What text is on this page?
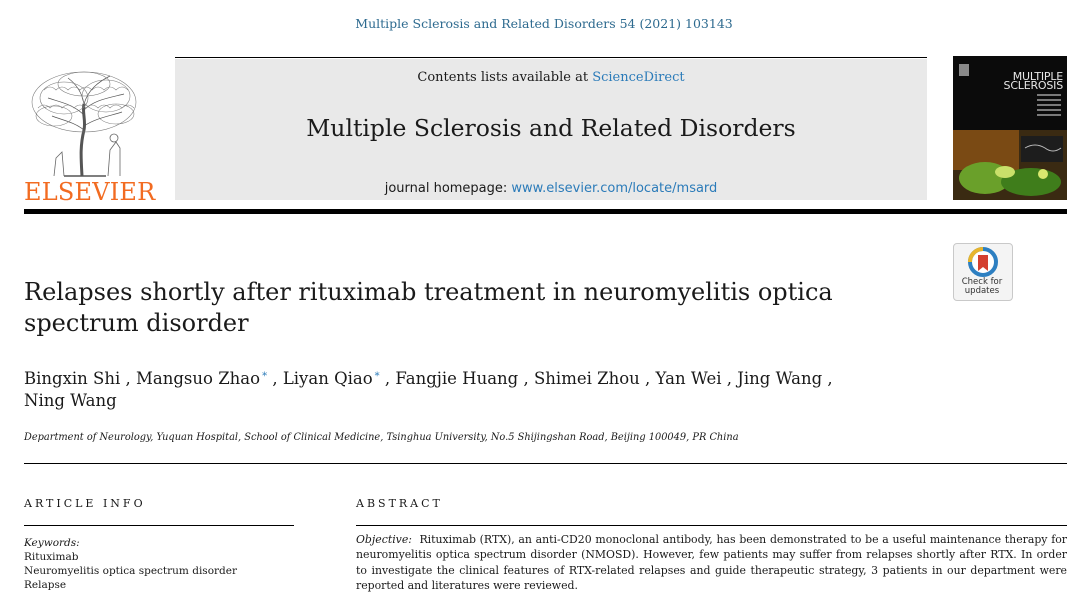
Multiple Sclerosis and Related Disorders 54 (2021) 103143
ELSEVIER
Contents lists available at ScienceDirect
Multiple Sclerosis and Related Disorders
journal homepage: www.elsevier.com/locate/msard
MULTIPLE SCLEROSIS
Check for
updates
Relapses shortly after rituximab treatment in neuromyelitis optica spectrum disorder
Bingxin Shi , Mangsuo Zhao * , Liyan Qiao * , Fangjie Huang , Shimei Zhou , Yan Wei , Jing Wang ,
Ning Wang
Department of Neurology, Yuquan Hospital, School of Clinical Medicine, Tsinghua University, No.5 Shijingshan Road, Beijing 100049, PR China
ARTICLE INFO
Keywords:
Rituximab
Neuromyelitis optica spectrum disorder
Relapse
ABSTRACT
Objective: Rituximab (RTX), an anti-CD20 monoclonal antibody, has been demonstrated to be a useful maintenance therapy for neuromyelitis optica spectrum disorder (NMOSD). However, few patients may suffer from relapses shortly after RTX. In order to investigate the clinical features of RTX-related relapses and guide therapeutic strategy, 3 patients in our department were reported and literatures were reviewed.
